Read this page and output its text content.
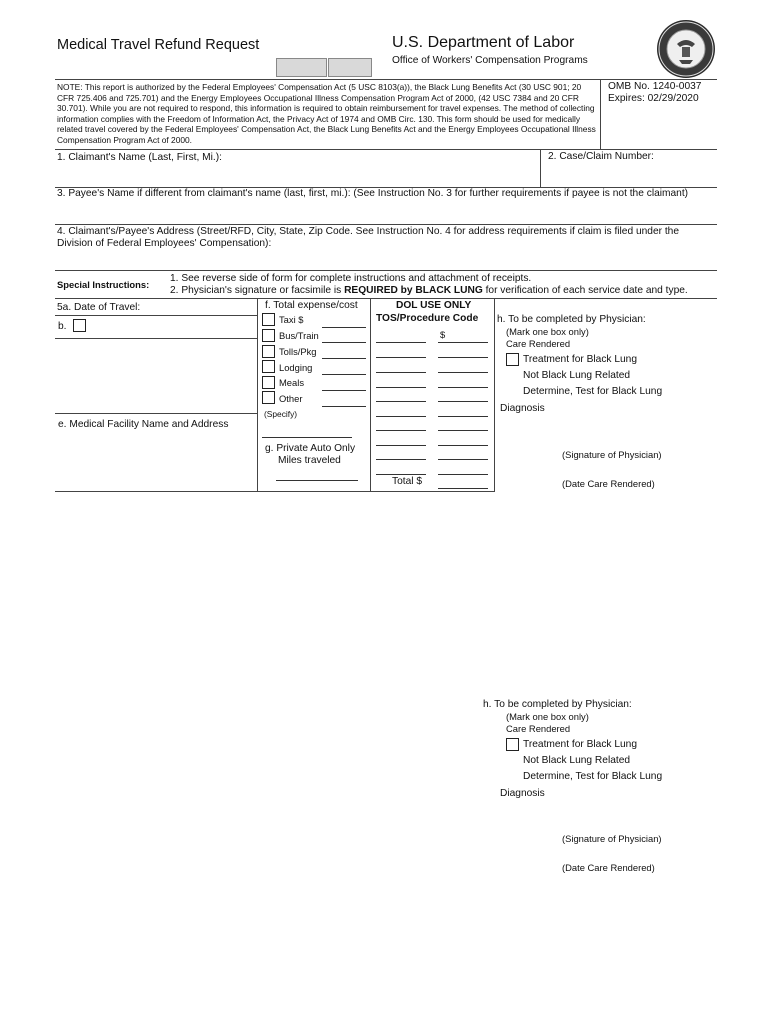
Medical Travel Refund Request	U.S. Department of Labor
Office of Workers' Compensation Programs
NOTE: This report is authorized by the Federal Employees' Compensation Act (5 USC 8103(a)), the Black Lung Benefits Act (30 USC 901; 20 CFR 725.406 and 725.701) and the Energy Employees Occupational Illness Compensation Program Act of 2000, (42 USC 7384 and 20 CFR 30.701). While you are not required to respond, this information is required to obtain reimbursement for travel expenses. The method of collecting information complies with the Freedom of Information Act, the Privacy Act of 1974 and OMB Circ. 130. This form should be used for medically related travel covered by the Federal Employees' Compensation Act, the Black Lung Benefits Act and the Energy Employees Occupational Illness Compensation Program Act of 2000.
OMB No. 1240-0037
Expires: 02/29/2020
1. Claimant's Name (Last, First, Mi.):	2. Case/Claim Number:
3. Payee's Name if different from claimant's name (last, first, mi.): (See Instruction No. 3 for further requirements if payee is not the claimant)
4. Claimant's/Payee's Address (Street/RFD, City, State, Zip Code. See Instruction No. 4 for address requirements if claim is filed under the Division of Federal Employees' Compensation):
Special Instructions:
1. See reverse side of form for complete instructions and attachment of receipts.
2. Physician's signature or facsimile is REQUIRED by BLACK LUNG for verification of each service date and type.
5a. Date of Travel:
b.
e. Medical Facility Name and Address
f. Total expense/cost
Taxi $
Bus/Train
Tolls/Pkg
Lodging
Meals
Other
(Specify)
g. Private Auto Only
Miles traveled
DOL USE ONLY
TOS/Procedure Code
$
Total $
h. To be completed by Physician:
(Mark one box only)
Care Rendered
Treatment for Black Lung
Not Black Lung Related
Determine, Test for Black Lung
Diagnosis
(Signature of Physician)
(Date Care Rendered)
h. To be completed by Physician:
(Mark one box only)
Care Rendered
Treatment for Black Lung
Not Black Lung Related
Determine, Test for Black Lung
Diagnosis
(Signature of Physician)
(Date Care Rendered)
